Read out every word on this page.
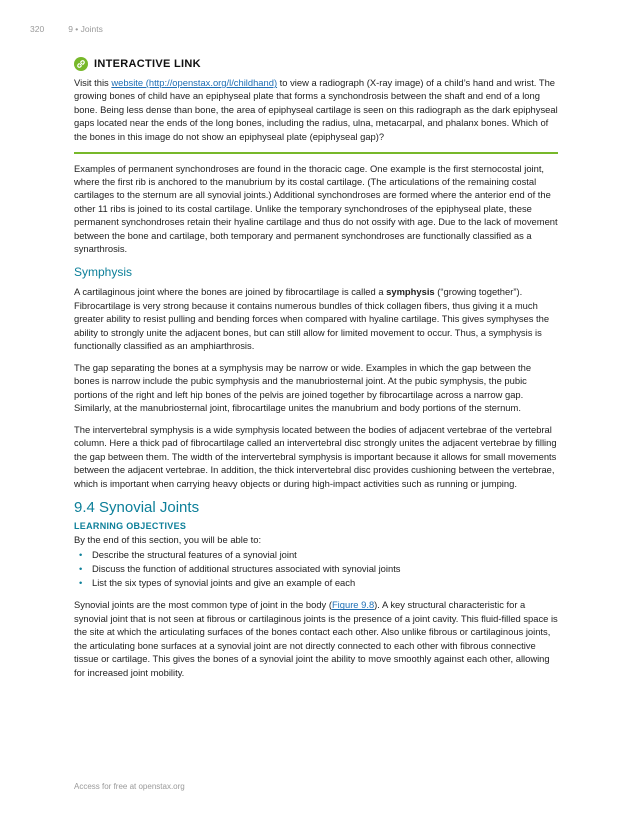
320	9 • Joints
INTERACTIVE LINK

Visit this website (http://openstax.org/l/childhand) to view a radiograph (X-ray image) of a child’s hand and wrist. The growing bones of child have an epiphyseal plate that forms a synchondrosis between the shaft and end of a long bone. Being less dense than bone, the area of epiphyseal cartilage is seen on this radiograph as the dark epiphyseal gaps located near the ends of the long bones, including the radius, ulna, metacarpal, and phalanx bones. Which of the bones in this image do not show an epiphyseal plate (epiphyseal gap)?

Examples of permanent synchondroses are found in the thoracic cage. One example is the first sternocostal joint, where the first rib is anchored to the manubrium by its costal cartilage. (The articulations of the remaining costal cartilages to the sternum are all synovial joints.) Additional synchondroses are formed where the anterior end of the other 11 ribs is joined to its costal cartilage. Unlike the temporary synchondroses of the epiphyseal plate, these permanent synchondroses retain their hyaline cartilage and thus do not ossify with age. Due to the lack of movement between the bone and cartilage, both temporary and permanent synchondroses are functionally classified as a synarthrosis.

Symphysis

A cartilaginous joint where the bones are joined by fibrocartilage is called a symphysis (“growing together”). Fibrocartilage is very strong because it contains numerous bundles of thick collagen fibers, thus giving it a much greater ability to resist pulling and bending forces when compared with hyaline cartilage. This gives symphyses the ability to strongly unite the adjacent bones, but can still allow for limited movement to occur. Thus, a symphysis is functionally classified as an amphiarthrosis.

The gap separating the bones at a symphysis may be narrow or wide. Examples in which the gap between the bones is narrow include the pubic symphysis and the manubriosternal joint. At the pubic symphysis, the pubic portions of the right and left hip bones of the pelvis are joined together by fibrocartilage across a narrow gap. Similarly, at the manubriosternal joint, fibrocartilage unites the manubrium and body portions of the sternum.

The intervertebral symphysis is a wide symphysis located between the bodies of adjacent vertebrae of the vertebral column. Here a thick pad of fibrocartilage called an intervertebral disc strongly unites the adjacent vertebrae by filling the gap between them. The width of the intervertebral symphysis is important because it allows for small movements between the adjacent vertebrae. In addition, the thick intervertebral disc provides cushioning between the vertebrae, which is important when carrying heavy objects or during high-impact activities such as running or jumping.

9.4 Synovial Joints
LEARNING OBJECTIVES

By the end of this section, you will be able to:

• Describe the structural features of a synovial joint
• Discuss the function of additional structures associated with synovial joints
• List the six types of synovial joints and give an example of each

Synovial joints are the most common type of joint in the body (Figure 9.8). A key structural characteristic for a synovial joint that is not seen at fibrous or cartilaginous joints is the presence of a joint cavity. This fluid-filled space is the site at which the articulating surfaces of the bones contact each other. Also unlike fibrous or cartilaginous joints, the articulating bone surfaces at a synovial joint are not directly connected to each other with fibrous connective tissue or cartilage. This gives the bones of a synovial joint the ability to move smoothly against each other, allowing for increased joint mobility.

Access for free at openstax.org
